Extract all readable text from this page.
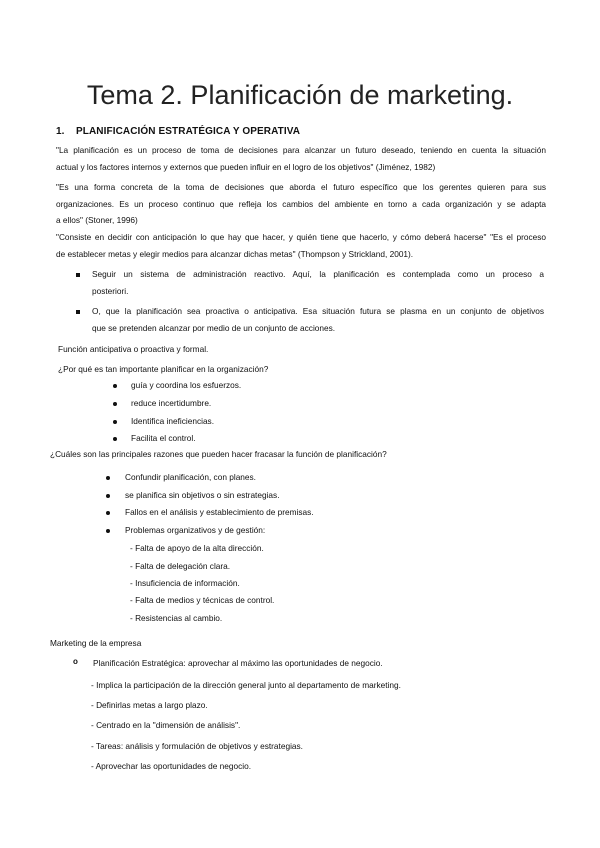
Tema 2. Planificación de marketing.
1. PLANIFICACIÓN ESTRATÉGICA Y OPERATIVA
"La planificación es un proceso de toma de decisiones para alcanzar un futuro deseado, teniendo en cuenta la situación
actual y los factores internos y externos que pueden influir en el logro de los objetivos" (Jiménez, 1982)
"Es una forma concreta de la toma de decisiones que aborda el futuro específico que los gerentes quieren para sus
organizaciones. Es un proceso continuo que refleja los cambios del ambiente en torno a cada organización y se adapta
a ellos" (Stoner, 1996)
"Consiste en decidir con anticipación lo que hay que hacer, y quién tiene que hacerlo, y cómo deberá hacerse" "Es el proceso
de establecer metas y elegir medios para alcanzar dichas metas" (Thompson y Strickland, 2001).
Seguir un sistema de administración reactivo. Aquí, la planificación es contemplada como un proceso a
posteriori.
O, que la planificación sea proactiva o anticipativa. Esa situación futura se plasma en un conjunto de objetivos
que se pretenden alcanzar por medio de un conjunto de acciones.
Función anticipativa o proactiva y formal.
¿Por qué es tan importante planificar en la organización?
guía y coordina los esfuerzos.
reduce incertidumbre.
Identifica ineficiencias.
Facilita el control.
¿Cuáles son las principales razones que pueden hacer fracasar la función de planificación?
Confundir planificación, con planes.
se planifica sin objetivos o sin estrategias.
Fallos en el análisis y establecimiento de premisas.
Problemas organizativos y de gestión:
- Falta de apoyo de la alta dirección.
- Falta de delegación clara.
- Insuficiencia de información.
- Falta de medios y técnicas de control.
- Resistencias al cambio.
Marketing de la empresa
o Planificación Estratégica: aprovechar al máximo las oportunidades de negocio.
- Implica la participación de la dirección general junto al departamento de marketing.
- Definirlas metas a largo plazo.
- Centrado en la "dimensión de análisis".
- Tareas: análisis y formulación de objetivos y estrategias.
- Aprovechar las oportunidades de negocio.
